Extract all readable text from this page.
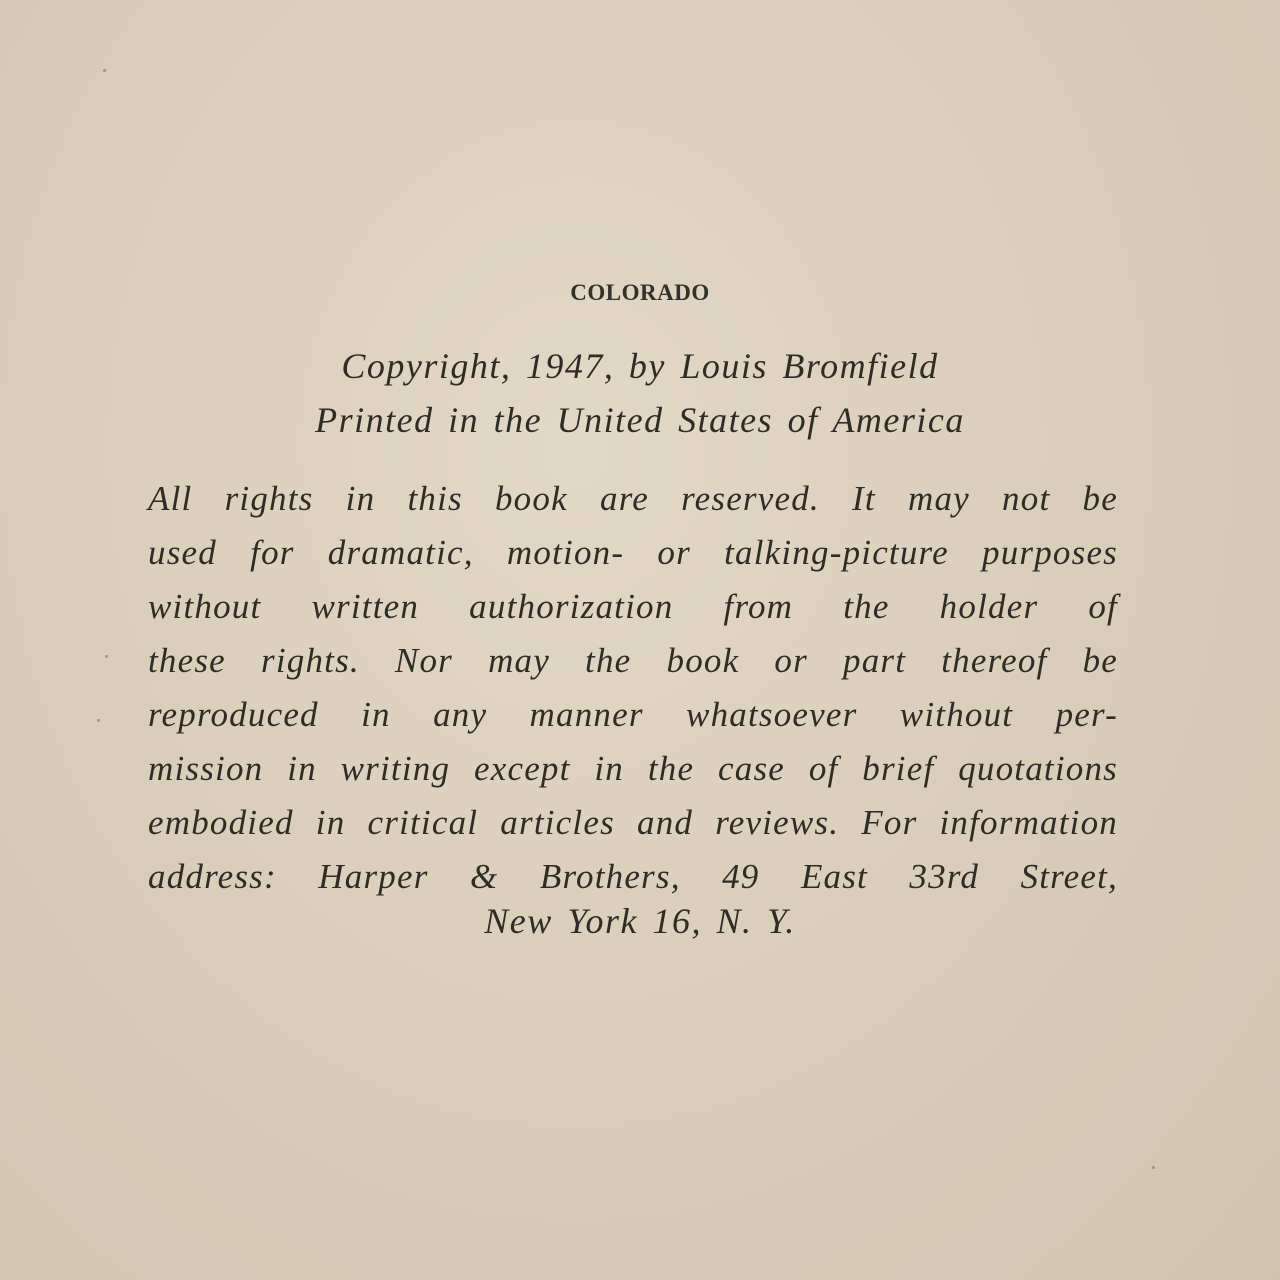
COLORADO
Copyright, 1947, by Louis Bromfield
Printed in the United States of America
All rights in this book are reserved. It may not be
used for dramatic, motion- or talking-picture purposes
without written authorization from the holder of
these rights. Nor may the book or part thereof be
reproduced in any manner whatsoever without per-
mission in writing except in the case of brief quotations
embodied in critical articles and reviews. For information
address: Harper & Brothers, 49 East 33rd Street,
New York 16, N. Y.
